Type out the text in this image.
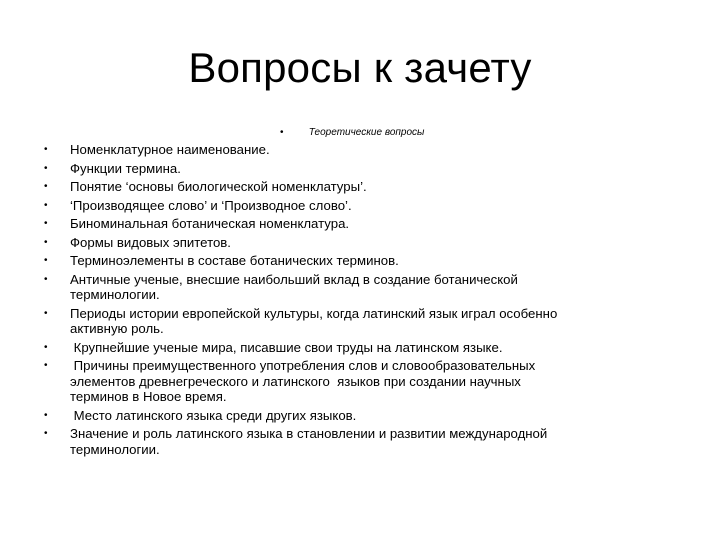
Вопросы к зачету
•	Теоретические вопросы
•	Номенклатурное наименование.
•	Функции термина.
•	Понятие ‘основы биологической номенклатуры’.
•	‘Производящее слово’ и ‘Производное слово’.
•	Биноминальная ботаническая номенклатура.
•	Формы видовых эпитетов.
•	Терминоэлементы в составе ботанических терминов.
•	Античные ученые, внесшие наибольший вклад в создание ботанической
терминологии.
•	Периоды истории европейской культуры, когда латинский язык играл особенно
активную роль.
•	Крупнейшие ученые мира, писавшие свои труды на латинском языке.
•	Причины преимущественного употребления слов и словообразовательных
элементов древнегреческого и латинского  языков при создании научных
терминов в Новое время.
•	Место латинского языка среди других языков.
•	Значение и роль латинского языка в становлении и развитии международной
терминологии.
